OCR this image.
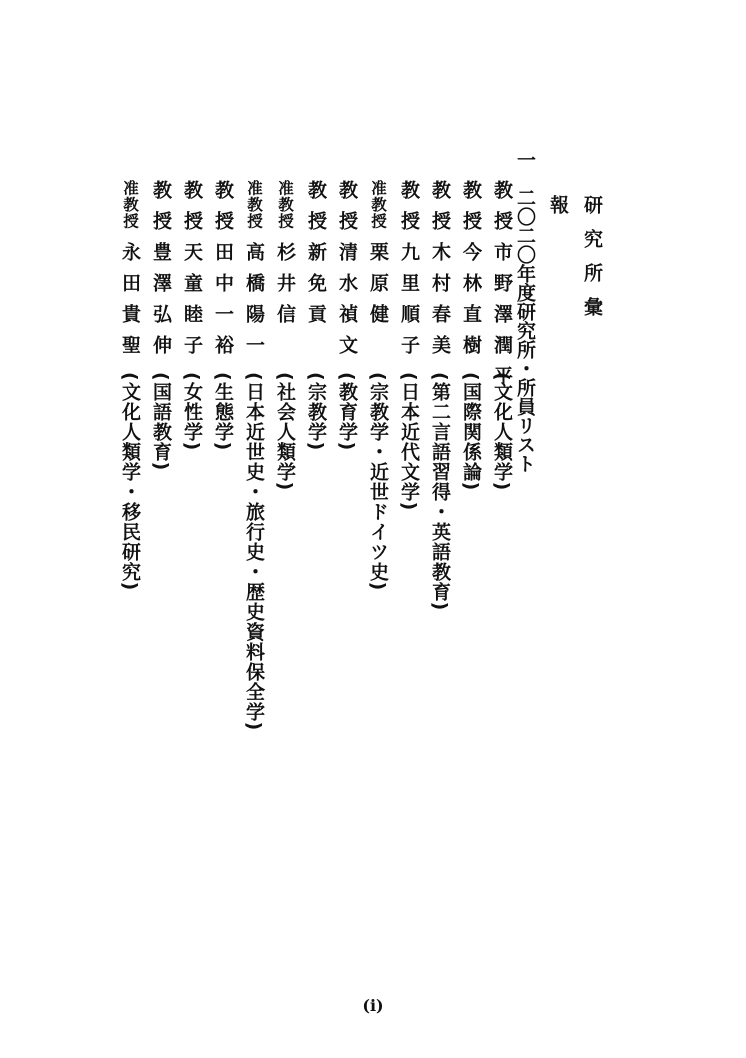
研究所彙報
一 二〇二〇年度研究所・所員リスト
教授
市野澤潤平
(文化人類学)
教授
今林直樹
(国際関係論)
教授
木村春美
(第二言語習得・英語教育)
教授
九里順子
(日本近代文学)
准教授
栗原健
(宗教学・近世ドイツ史)
教授
清水禎文
(教育学)
教授
新免貢
(宗教学)
准教授
杉井信
(社会人類学)
准教授
高橋陽一
(日本近世史・旅行史・歴史資料保全学)
教授
田中一裕
(生態学)
教授
天童睦子
(女性学)
教授
豊澤弘伸
(国語教育)
准教授
永田貴聖
(文化人類学・移民研究)
(ⅰ)
